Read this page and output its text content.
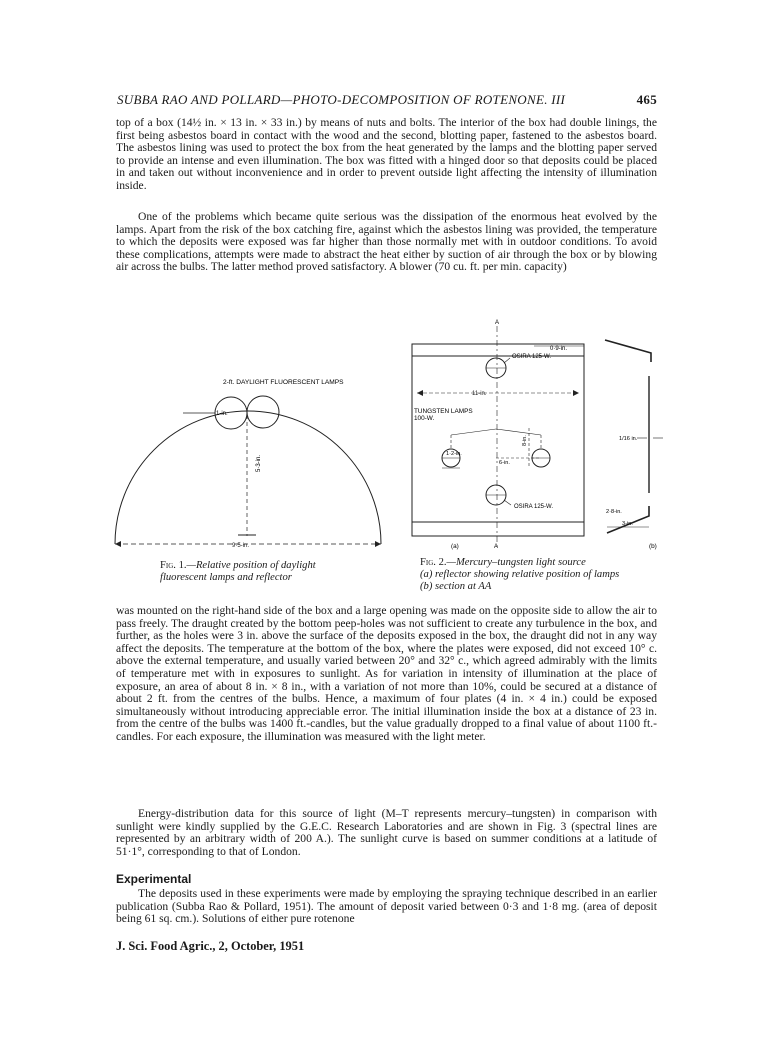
SUBBA RAO AND POLLARD—PHOTO-DECOMPOSITION OF ROTENONE. III	465

top of a box (14½ in. × 13 in. × 33 in.) by means of nuts and bolts. The interior of the box had double linings, the first being asbestos board in contact with the wood and the second, blotting paper, fastened to the asbestos board. The asbestos lining was used to protect the box from the heat generated by the lamps and the blotting paper served to provide an intense and even illumination. The box was fitted with a hinged door so that deposits could be placed in and taken out without inconvenience and in order to prevent outside light affecting the intensity of illumination inside.

One of the problems which became quite serious was the dissipation of the enormous heat evolved by the lamps. Apart from the risk of the box catching fire, against which the asbestos lining was provided, the temperature to which the deposits were exposed was far higher than those normally met with in outdoor conditions. To avoid these complications, attempts were made to abstract the heat either by suction of air through the box or by blowing air across the bulbs. The latter method proved satisfactory. A blower (70 cu. ft. per min. capacity)

2-ft. DAYLIGHT FLUORESCENT LAMPS
1-in.
5·3-in.
9·5-in.
Fig. 1.—Relative position of daylight fluorescent lamps and reflector
A
0·9-in.
OSIRA 125-W.
11-in.
TUNGSTEN LAMPS
100-W.
8-in.
1·2-in.
6-in.
OSIRA 125-W.
(a)	A
1/16 in.
2·8-in.
3-in.
(b)
Fig. 2.—Mercury–tungsten light source
(a) reflector showing relative position of lamps
(b) section at AA

was mounted on the right-hand side of the box and a large opening was made on the opposite side to allow the air to pass freely. The draught created by the bottom peep-holes was not sufficient to create any turbulence in the box, and further, as the holes were 3 in. above the surface of the deposits exposed in the box, the draught did not in any way affect the deposits. The temperature at the bottom of the box, where the plates were exposed, did not exceed 10° c. above the external temperature, and usually varied between 20° and 32° c., which agreed admirably with the limits of temperature met with in exposures to sunlight. As for variation in intensity of illumination at the place of exposure, an area of about 8 in. × 8 in., with a variation of not more than 10%, could be secured at a distance of about 2 ft. from the centres of the bulbs. Hence, a maximum of four plates (4 in. × 4 in.) could be exposed simultaneously without introducing appreciable error. The initial illumination inside the box at a distance of 23 in. from the centre of the bulbs was 1400 ft.-candles, but the value gradually dropped to a final value of about 1100 ft.-candles. For each exposure, the illumination was measured with the light meter.

Energy-distribution data for this source of light (M–T represents mercury–tungsten) in comparison with sunlight were kindly supplied by the G.E.C. Research Laboratories and are shown in Fig. 3 (spectral lines are represented by an arbitrary width of 200 A.). The sunlight curve is based on summer conditions at a latitude of 51·1°, corresponding to that of London.

Experimental

The deposits used in these experiments were made by employing the spraying technique described in an earlier publication (Subba Rao & Pollard, 1951). The amount of deposit varied between 0·3 and 1·8 mg. (area of deposit being 61 sq. cm.). Solutions of either pure rotenone

J. Sci. Food Agric., 2, October, 1951
